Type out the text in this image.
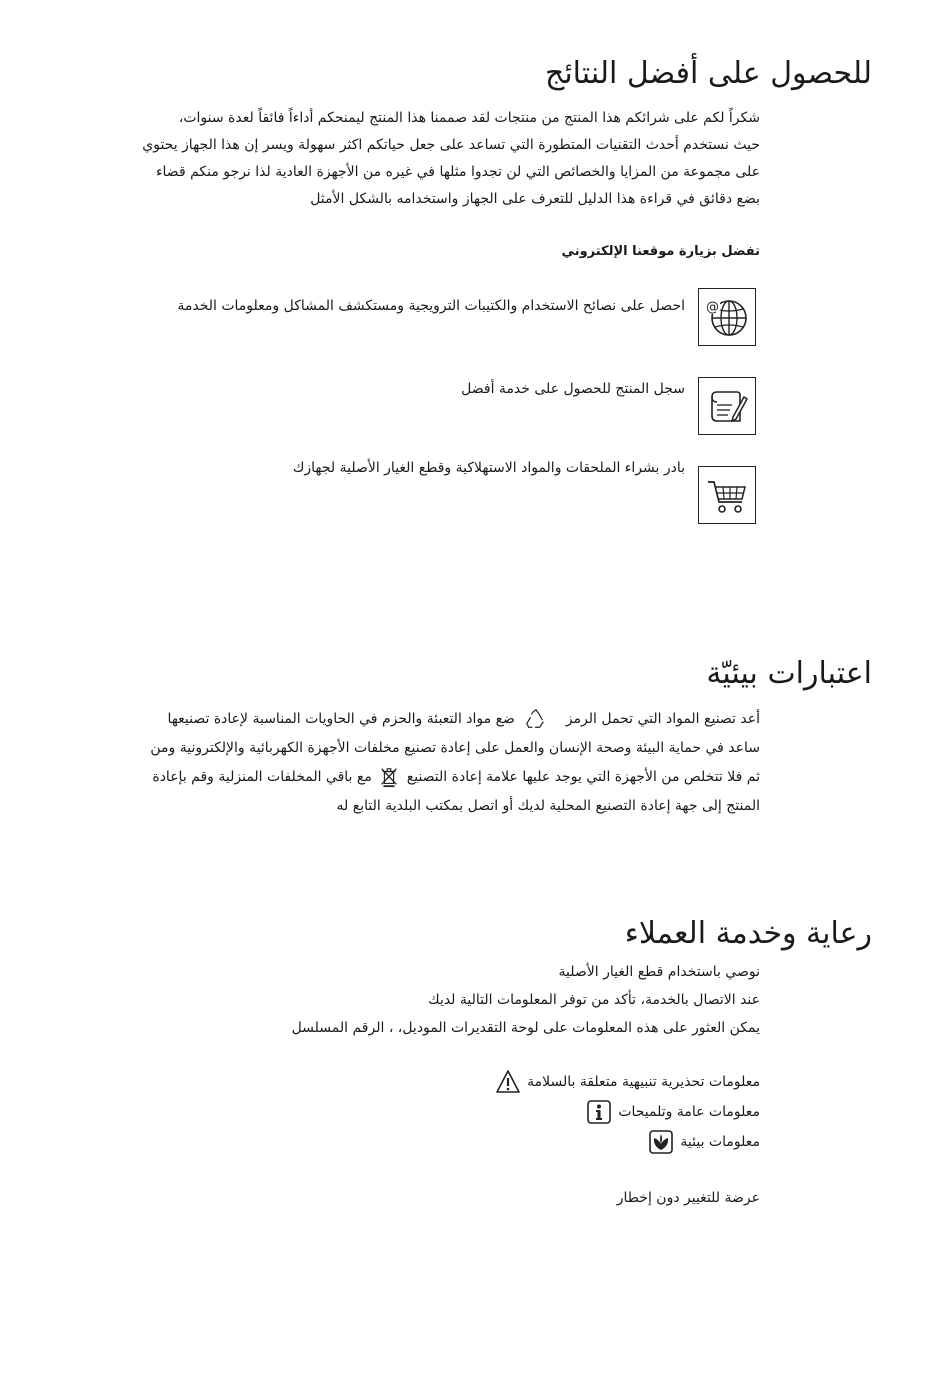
للحصول على أفضل النتائج

شكراً لكم على شرائكم هذا المنتج من منتجات لقد صممنا هذا المنتج ليمنحكم أداءاً فائقاً لعدة سنوات،

حيث نستخدم أحدث التقنيات المتطورة التي تساعد على جعل حياتكم اكثر سهولة ويسر إن هذا الجهاز يحتوي

على مجموعة من المزايا والخصائص التي لن تجدوا مثلها في غيره من الأجهزة العادية لذا نرجو منكم قضاء

بضع دقائق في قراءة هذا الدليل للتعرف على الجهاز واستخدامه بالشكل الأمثل

تفضل بزيارة موقعنا الإلكتروني
@
احصل على نصائح الاستخدام والكتيبات الترويجية ومستكشف المشاكل ومعلومات الخدمة
سجل المنتج للحصول على خدمة أفضل
بادر بشراء الملحقات والمواد الاستهلاكية وقطع الغيار الأصلية لجهازك
اعتبارات بيئيّة

أعد تصنيع المواد التي تحمل الرمز  ضع مواد التعبئة والحزم في الحاويات المناسبة لإعادة تصنيعها

ساعد في حماية البيئة وصحة الإنسان والعمل على إعادة تصنيع مخلفات الأجهزة الكهربائية والإلكترونية ومن

ثم فلا تتخلص من الأجهزة التي يوجد عليها علامة إعادة التصنيع  مع باقي المخلفات المنزلية وقم بإعادة

المنتج إلى جهة إعادة التصنيع المحلية لديك أو اتصل بمكتب البلدية التابع له

رعاية وخدمة العملاء

نوصي باستخدام قطع الغيار الأصلية

عند الاتصال بالخدمة، تأكد من توفر المعلومات التالية لديك

يمكن العثور على هذه المعلومات على لوحة التقديرات الموديل، ، الرقم المسلسل

معلومات تحذيرية تنبيهية متعلقة بالسلامة
معلومات عامة وتلميحات
معلومات بيئية
عرضة للتغيير دون إخطار
